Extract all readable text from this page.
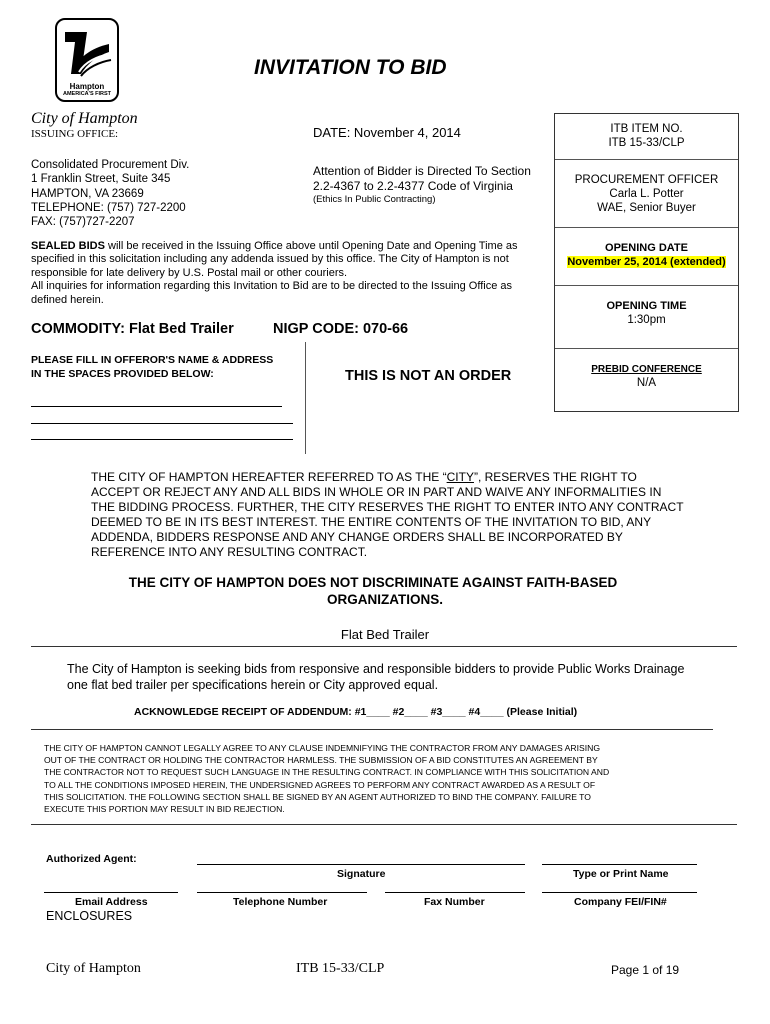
Hampton
AMERICA'S FIRST
INVITATION TO BID
City of Hampton
ISSUING OFFICE:
Consolidated Procurement Div.
1 Franklin Street, Suite 345
HAMPTON, VA 23669
TELEPHONE: (757) 727-2200
FAX: (757)727-2207
DATE: November 4, 2014
Attention of Bidder is Directed To Section
2.2-4367 to 2.2-4377 Code of Virginia
(Ethics In Public Contracting)
ITB ITEM NO.
ITB 15-33/CLP
PROCUREMENT OFFICER
Carla L. Potter
WAE, Senior Buyer
OPENING DATE
November 25, 2014 (extended)
OPENING TIME
1:30pm
PREBID CONFERENCE
N/A
SEALED BIDS will be received in the Issuing Office above until Opening Date and Opening Time as
specified in this solicitation including any addenda issued by this office. The City of Hampton is not
responsible for late delivery by U.S. Postal mail or other couriers.
All inquiries for information regarding this Invitation to Bid are to be directed to the Issuing Office as
defined herein.
COMMODITY: Flat Bed Trailer	NIGP CODE: 070-66
PLEASE FILL IN OFFEROR'S NAME & ADDRESS
IN THE SPACES PROVIDED BELOW:	THIS IS NOT AN ORDER
THE CITY OF HAMPTON HEREAFTER REFERRED TO AS THE “CITY”, RESERVES THE RIGHT TO
ACCEPT OR REJECT ANY AND ALL BIDS IN WHOLE OR IN PART AND WAIVE ANY INFORMALITIES IN
THE BIDDING PROCESS. FURTHER, THE CITY RESERVES THE RIGHT TO ENTER INTO ANY CONTRACT
DEEMED TO BE IN ITS BEST INTEREST. THE ENTIRE CONTENTS OF THE INVITATION TO BID, ANY
ADDENDA, BIDDERS RESPONSE AND ANY CHANGE ORDERS SHALL BE INCORPORATED BY
REFERENCE INTO ANY RESULTING CONTRACT.
THE CITY OF HAMPTON DOES NOT DISCRIMINATE AGAINST FAITH-BASED
ORGANIZATIONS.
Flat Bed Trailer
The City of Hampton is seeking bids from responsive and responsible bidders to provide Public Works Drainage
one flat bed trailer per specifications herein or City approved equal.
ACKNOWLEDGE RECEIPT OF ADDENDUM: #1____ #2____ #3____ #4____ (Please Initial)
THE CITY OF HAMPTON CANNOT LEGALLY AGREE TO ANY CLAUSE INDEMNIFYING THE CONTRACTOR FROM ANY DAMAGES ARISING
OUT OF THE CONTRACT OR HOLDING THE CONTRACTOR HARMLESS. THE SUBMISSION OF A BID CONSTITUTES AN AGREEMENT BY
THE CONTRACTOR NOT TO REQUEST SUCH LANGUAGE IN THE RESULTING CONTRACT. IN COMPLIANCE WITH THIS SOLICITATION AND
TO ALL THE CONDITIONS IMPOSED HEREIN, THE UNDERSIGNED AGREES TO PERFORM ANY CONTRACT AWARDED AS A RESULT OF
THIS SOLICITATION. THE FOLLOWING SECTION SHALL BE SIGNED BY AN AGENT AUTHORIZED TO BIND THE COMPANY. FAILURE TO
EXECUTE THIS PORTION MAY RESULT IN BID REJECTION.
Authorized Agent:
Signature	Type or Print Name
Email Address	Telephone Number	Fax Number	Company FEI/FIN#
ENCLOSURES
City of Hampton	ITB 15-33/CLP	Page 1 of 19
